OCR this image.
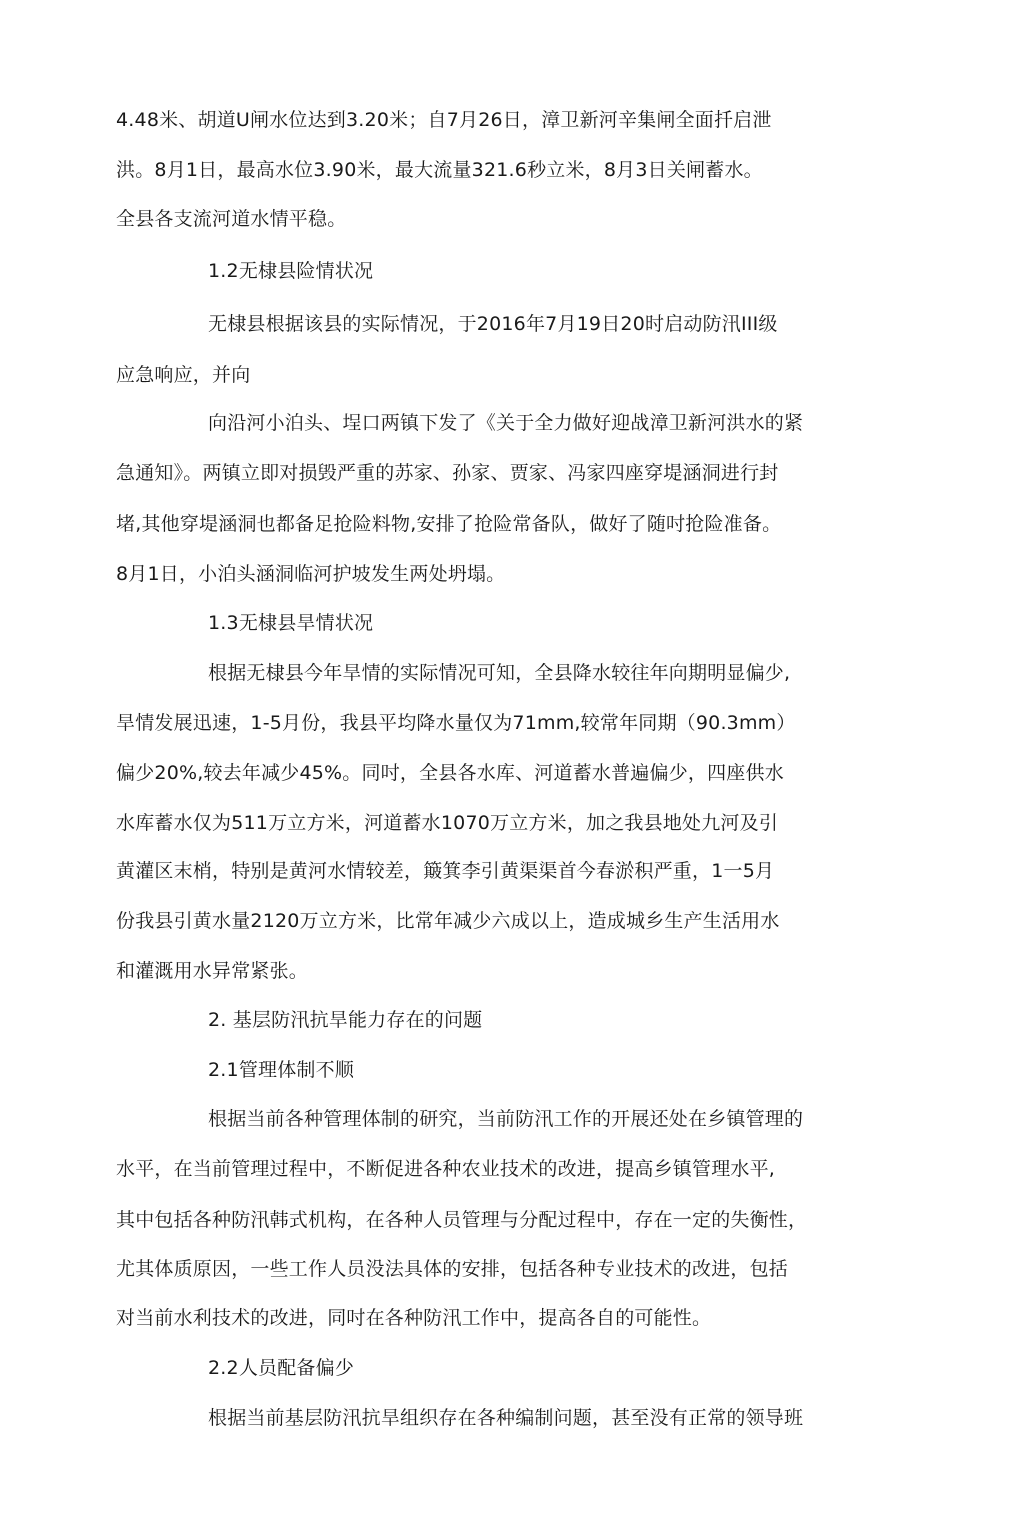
4.48米、胡道U闸水位达到3.20米；自7月26日，漳卫新河辛集闸全面扦启泄
洪。8月1日，最高水位3.90米，最大流量321.6秒立米，8月3日关闸蓄水。
全县各支流河道水情平稳。
1.2无棣县险情状况
无棣县根据该县的实际情况，于2016年7月19日20时启动防汛III级
应急响应，并向
向沿河小泊头、埕口两镇下发了《关于全力做好迎战漳卫新河洪水的紧
急通知》。两镇立即对损毁严重的苏家、孙家、贾家、冯家四座穿堤涵洞进行封
堵,其他穿堤涵洞也都备足抢险料物,安排了抢险常备队，做好了随吋抢险准备。
8月1日，小泊头涵洞临河护坡发生两处坍塌。
1.3无棣县旱情状况
根据无棣县今年旱情的实际情况可知，全县降水较往年向期明显偏少,
旱情发展迅速，1-5月份，我县平均降水量仅为71mm,较常年同期（90.3mm）
偏少20%,较去年减少45%。同吋，全县各水库、河道蓄水普遍偏少，四座供水
水库蓄水仅为511万立方米，河道蓄水1070万立方米，加之我县地处九河及引
黄灌区末梢，特别是黄河水情较差，簸箕李引黄渠渠首今春淤积严重，1一5月
份我县引黄水量2120万立方米，比常年减少六成以上，造成城乡生产生活用水
和灌溉用水异常紧张。
2. 基层防汛抗旱能力存在的问题
2.1管理体制不顺
根据当前各种管理体制的研究，当前防汛工作的开展还处在乡镇管理的
水平，在当前管理过程中，不断促进各种农业技术的改进，提高乡镇管理水平,
其中包括各种防汛韩式机构，在各种人员管理与分配过程中，存在一定的失衡性，
尤其体质原因，一些工作人员没法具体的安排，包括各种专业技术的改进，包括
对当前水利技术的改进，同吋在各种防汛工作中，提高各自的可能性。
2.2人员配备偏少
根据当前基层防汛抗旱组织存在各种编制问题，甚至没有正常的领导班
